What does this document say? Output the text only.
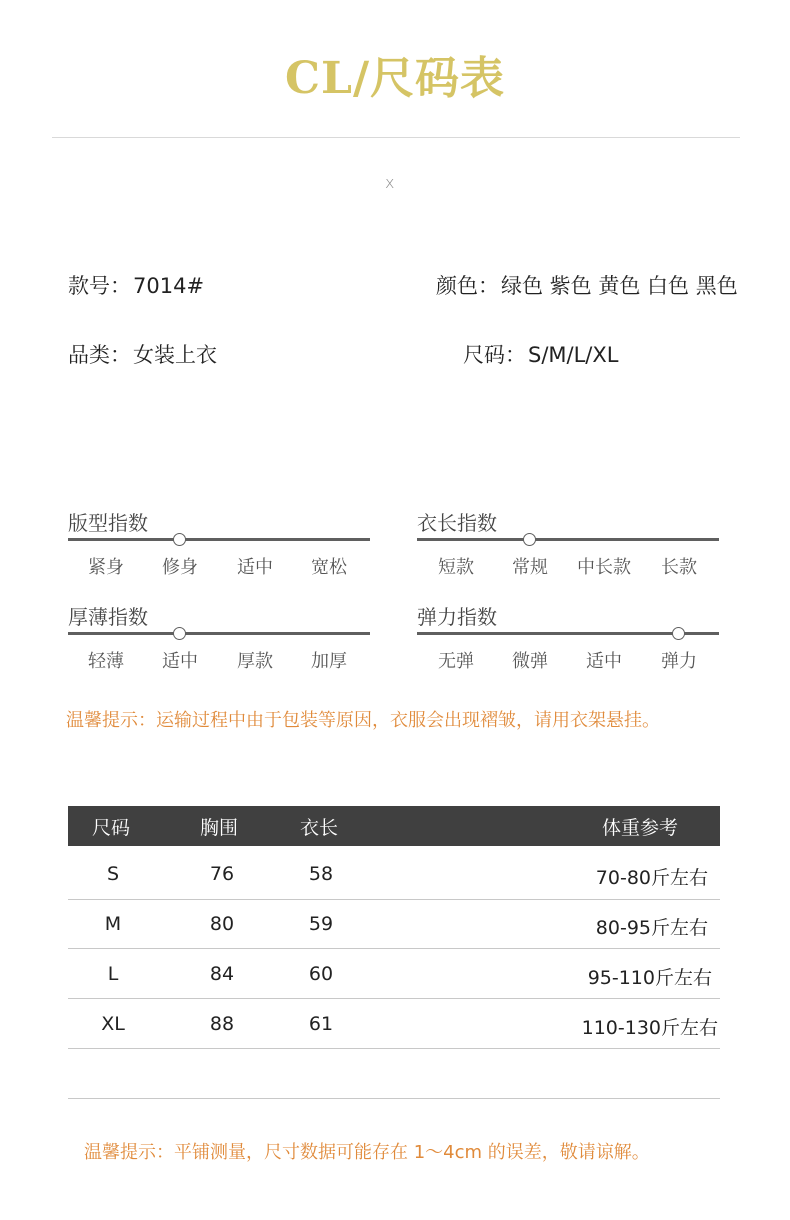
CL/尺码表
x
款号：7014#	颜色：绿色 紫色 黄色 白色 黑色
品类：女装上衣	尺码：S/M/L/XL
版型指数
紧身	修身	适中	宽松
衣长指数
短款	常规	中长款	长款
厚薄指数
轻薄	适中	厚款	加厚
弹力指数
无弹	微弹	适中	弹力
温馨提示：运输过程中由于包装等原因，衣服会出现褶皱，请用衣架悬挂。
尺码	胸围	衣长	体重参考
S	76	58	70-80斤左右
M	80	59	80-95斤左右
L	84	60	95-110斤左右
XL	88	61	110-130斤左右
温馨提示：平铺测量，尺寸数据可能存在 1～4cm 的误差，敬请谅解。
